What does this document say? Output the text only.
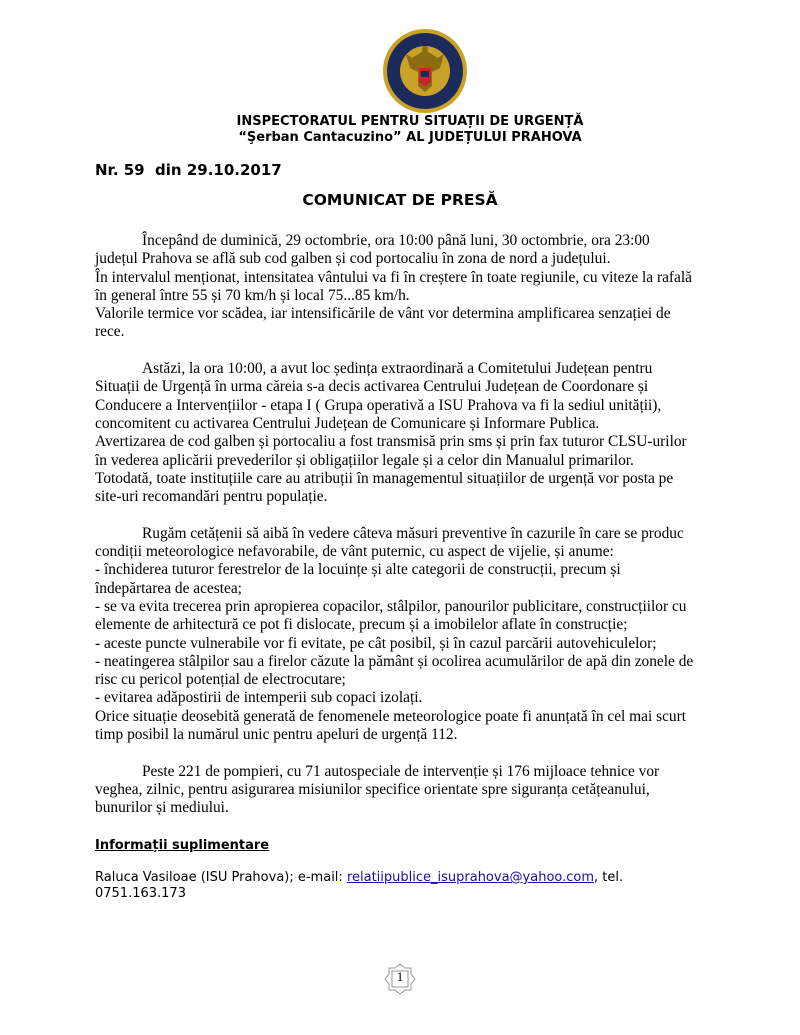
INSPECTORATUL PENTRU SITUAȚII DE URGENȚĂ
“Şerban Cantacuzino” AL JUDEȚULUI PRAHOVA
Nr. 59  din 29.10.2017
COMUNICAT DE PRESĂ
Începând de duminică, 29 octombrie, ora 10:00 până luni, 30 octombrie, ora 23:00
județul Prahova se află sub cod galben și cod portocaliu în zona de nord a județului.
În intervalul menționat, intensitatea vântului va fi în creștere în toate regiunile, cu viteze la rafală
în general între 55 și 70 km/h și local 75...85 km/h.
Valorile termice vor scădea, iar intensificările de vânt vor determina amplificarea senzației de
rece.
Astăzi, la ora 10:00, a avut loc ședința extraordinară a Comitetului Județean pentru
Situații de Urgență în urma căreia s-a decis activarea Centrului Județean de Coordonare și
Conducere a Intervențiilor - etapa I ( Grupa operativă a ISU Prahova va fi la sediul unității),
concomitent cu activarea Centrului Județean de Comunicare și Informare Publica.
Avertizarea de cod galben și portocaliu a fost transmisă prin sms și prin fax tuturor CLSU-urilor
în vederea aplicării prevederilor și obligațiilor legale și a celor din Manualul primarilor.
Totodată, toate instituțiile care au atribuții în managementul situațiilor de urgență vor posta pe
site-uri recomandări pentru populație.
Rugăm cetățenii să aibă în vedere câteva măsuri preventive în cazurile în care se produc
condiții meteorologice nefavorabile, de vânt puternic, cu aspect de vijelie, și anume:
- închiderea tuturor ferestrelor de la locuințe și alte categorii de construcții, precum și
îndepărtarea de acestea;
- se va evita trecerea prin apropierea copacilor, stâlpilor, panourilor publicitare, construcțiilor cu
elemente de arhitectură ce pot fi dislocate, precum și a imobilelor aflate în construcție;
- aceste puncte vulnerabile vor fi evitate, pe cât posibil, și în cazul parcării autovehiculelor;
- neatingerea stâlpilor sau a firelor căzute la pământ și ocolirea acumulărilor de apă din zonele de
risc cu pericol potențial de electrocutare;
- evitarea adăpostirii de intemperii sub copaci izolați.
Orice situație deosebită generată de fenomenele meteorologice poate fi anunțată în cel mai scurt
timp posibil la numărul unic pentru apeluri de urgență 112.
Peste 221 de pompieri, cu 71 autospeciale de intervenție și 176 mijloace tehnice vor
veghea, zilnic, pentru asigurarea misiunilor specifice orientate spre siguranța cetățeanului,
bunurilor și mediului.
Informații suplimentare
Raluca Vasiloae (ISU Prahova); e-mail: relatiipublice_isuprahova@yahoo.com, tel.
0751.163.173
1
